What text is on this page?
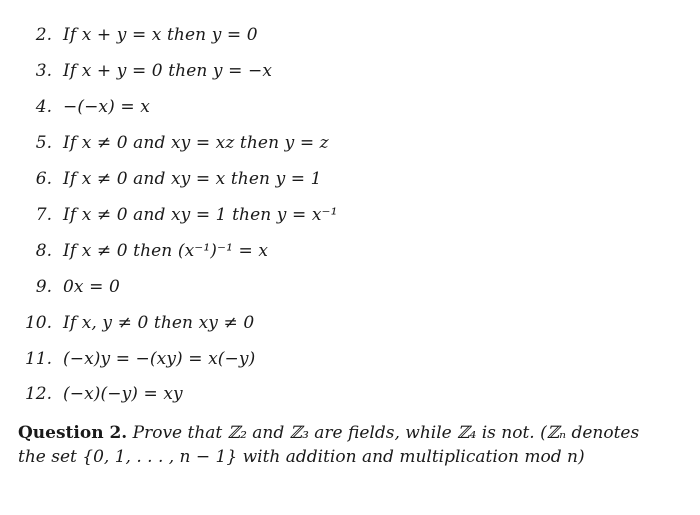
2. If x + y = x then y = 0
3. If x + y = 0 then y = −x
4. −(−x) = x
5. If x ≠ 0 and xy = xz then y = z
6. If x ≠ 0 and xy = x then y = 1
7. If x ≠ 0 and xy = 1 then y = x⁻¹
8. If x ≠ 0 then (x⁻¹)⁻¹ = x
9. 0x = 0
10. If x, y ≠ 0 then xy ≠ 0
11. (−x)y = −(xy) = x(−y)
12. (−x)(−y) = xy
Question 2. Prove that ℤ₂ and ℤ₃ are fields, while ℤ₄ is not. (ℤₙ denotes the set {0, 1, . . . , n − 1} with addition and multiplication mod n)
